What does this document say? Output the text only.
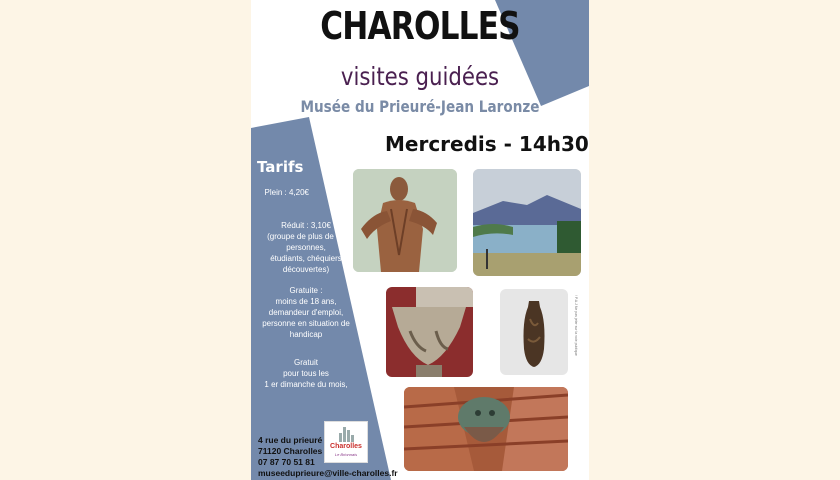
CHAROLLES
visites guidées
Musée du Prieuré-Jean Laronze
Mercredis - 14h30
Tarifs
Plein : 4,20€
Réduit : 3,10€
(groupe de plus de 10
personnes,
étudiants, chéquiers
découvertes)
Gratuite :
moins de 18 ans,
demandeur d'emploi,
personne en situation de
handicap
Gratuit
pour tous les
1 er dimanche du mois,
4 rue du prieuré
71120 Charolles
07 87 70 51 81
museeduprieure@ville-charolles.fr
Charolles
Le Brionnais
! P.A.J Ne pas jeter sur la voie publique
